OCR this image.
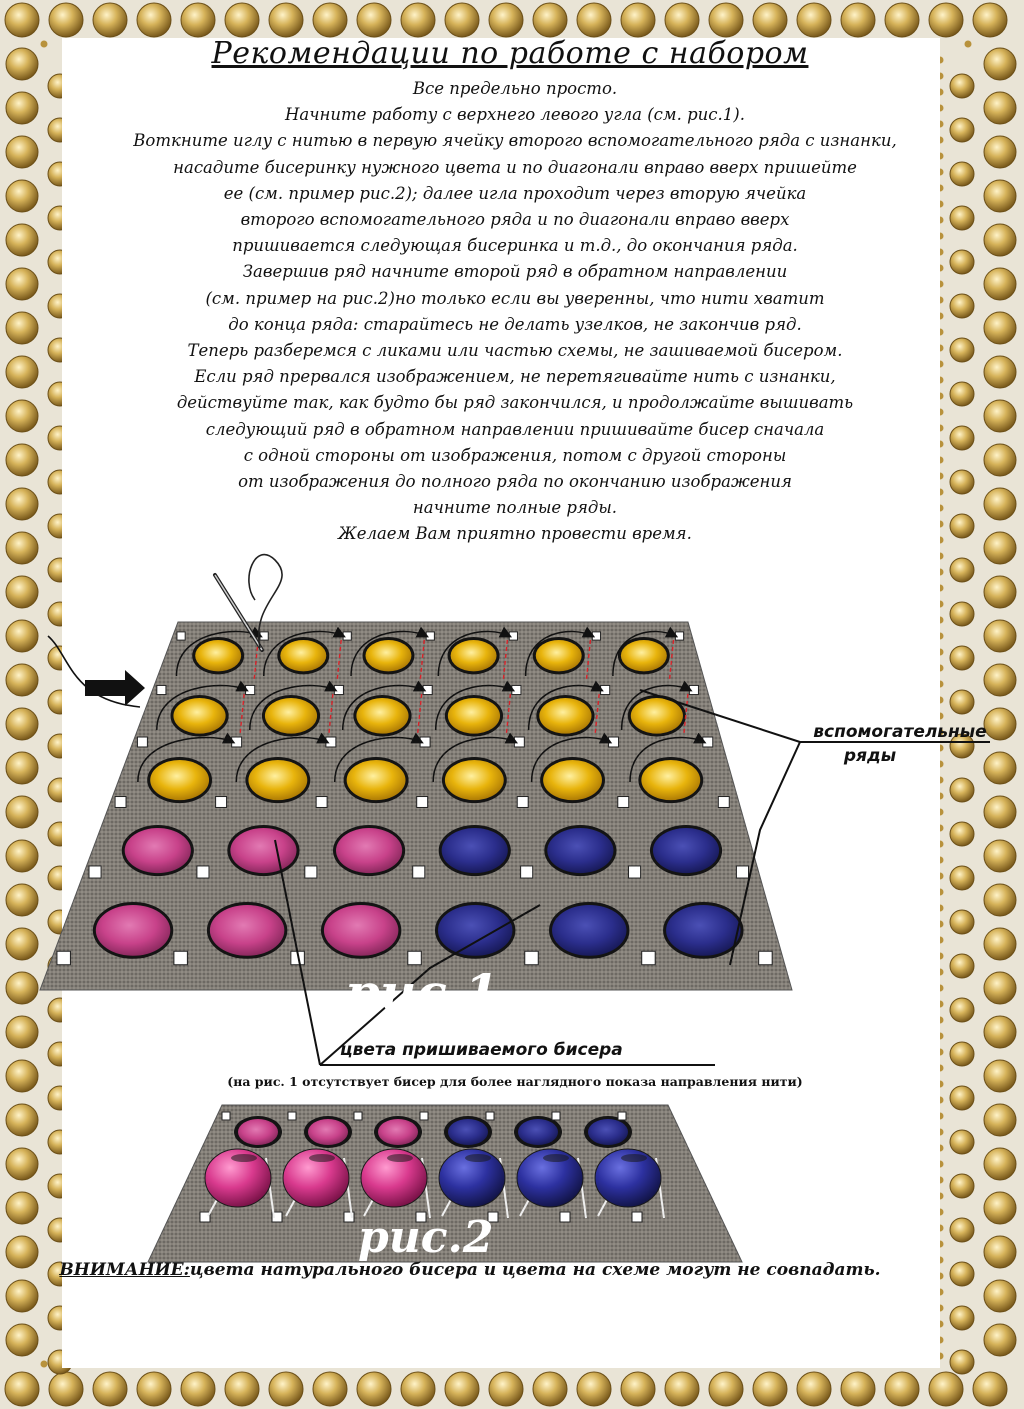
Рекомендации по работе с набором

Все предельно просто.

Начните работу с верхнего левого угла (см. рис.1).

Воткните иглу с нитью в первую ячейку второго вспомогательного ряда с изнанки,

насадите бисеринку нужного цвета и по диагонали вправо вверх пришейте

ее (см. пример рис.2); далее игла проходит через вторую ячейка

второго вспомогательного ряда и по диагонали вправо вверх

пришивается следующая бисеринка и т.д., до окончания ряда.

Завершив ряд начните второй ряд в обратном направлении

(см. пример на рис.2)но только если вы уверенны, что нити хватит

до конца ряда: старайтесь не делать узелков, не закончив ряд.

Теперь разберемся с ликами или частью схемы, не зашиваемой бисером.

Если ряд прервался изображением, не перетягивайте нить с изнанки,

действуйте так, как будто бы ряд закончился, и продолжайте вышивать

следующий ряд в обратном направлении пришивайте бисер сначала

с одной стороны от изображения, потом с другой стороны

от изображения до полного ряда по окончанию изображения

начните полные ряды.

Желаем Вам приятно провести время.

рис.1
рис.2
вспомогательные
ряды
цвета пришиваемого бисера
(на рис. 1 отсутствует бисер для более наглядного показа направления нити)
ВНИМАНИЕ:цвета натурального бисера и цвета на схеме могут не совпадать.
